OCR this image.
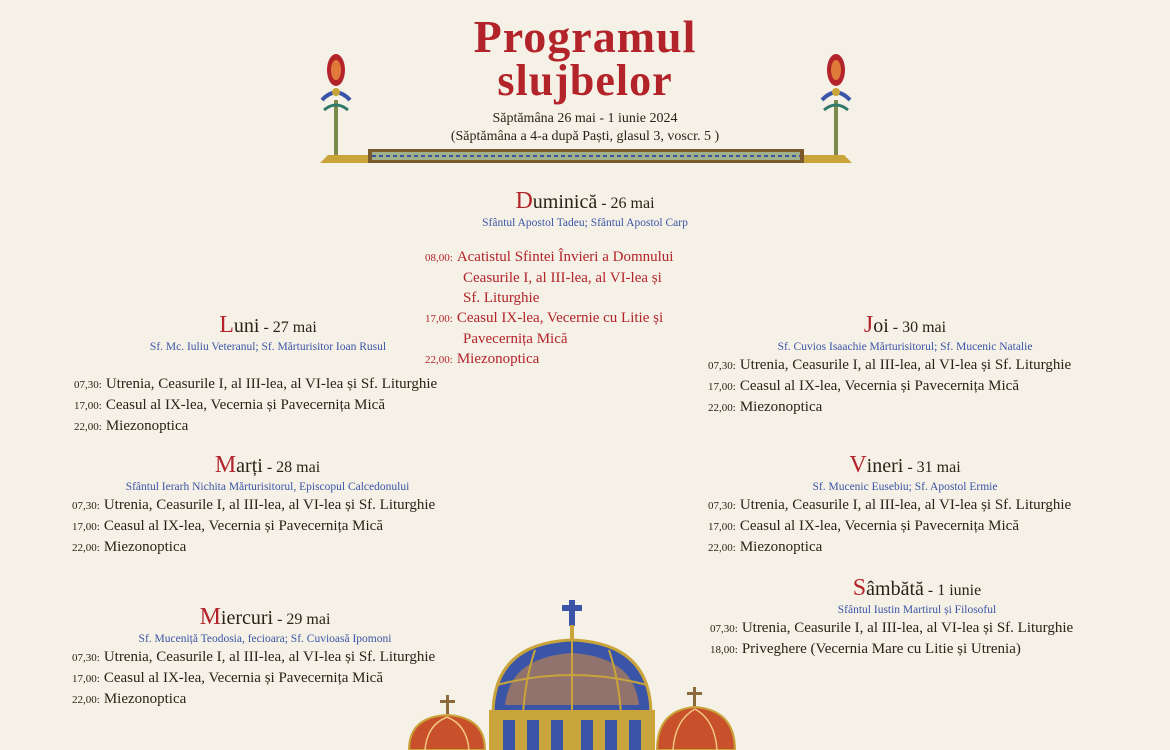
Programul
slujbelor
Săptămâna 26 mai - 1 iunie 2024
(Săptămâna a 4-a după Paști, glasul 3, voscr. 5 )
Duminică - 26 mai
Sfântul Apostol Tadeu; Sfântul Apostol Carp
08,00: Acatistul Sfintei Învieri a Domnului
Ceasurile I, al III-lea, al VI-lea și
Sf. Liturghie
17,00: Ceasul IX-lea, Vecernie cu Litie și
Pavecernița Mică
22,00: Miezonoptica
Luni - 27 mai
Sf. Mc. Iuliu Veteranul; Sf. Mărturisitor Ioan Rusul
07,30: Utrenia, Ceasurile I, al III-lea, al VI-lea și Sf. Liturghie
17,00: Ceasul al IX-lea, Vecernia și Pavecernița Mică
22,00: Miezonoptica
Marți - 28 mai
Sfântul Ierarh Nichita Mărturisitorul, Episcopul Calcedonului
07,30: Utrenia, Ceasurile I, al III-lea, al VI-lea și Sf. Liturghie
17,00: Ceasul al IX-lea, Vecernia și Pavecernița Mică
22,00: Miezonoptica
Miercuri - 29 mai
Sf. Muceniță Teodosia, fecioara; Sf. Cuvioasă Ipomoni
07,30: Utrenia, Ceasurile I, al III-lea, al VI-lea și Sf. Liturghie
17,00: Ceasul al IX-lea, Vecernia și Pavecernița Mică
22,00: Miezonoptica
Joi - 30 mai
Sf. Cuvios Isaachie Mărturisitorul; Sf. Mucenic Natalie
07,30: Utrenia, Ceasurile I, al III-lea, al VI-lea și Sf. Liturghie
17,00: Ceasul al IX-lea, Vecernia și Pavecernița Mică
22,00: Miezonoptica
Vineri - 31 mai
Sf. Mucenic Eusebiu; Sf. Apostol Ermie
07,30: Utrenia, Ceasurile I, al III-lea, al VI-lea și Sf. Liturghie
17,00: Ceasul al IX-lea, Vecernia și Pavecernița Mică
22,00: Miezonoptica
Sâmbătă - 1 iunie
Sfântul Iustin Martirul și Filosoful
07,30: Utrenia, Ceasurile I, al III-lea, al VI-lea și Sf. Liturghie
18,00: Priveghere (Vecernia Mare cu Litie și Utrenia)
